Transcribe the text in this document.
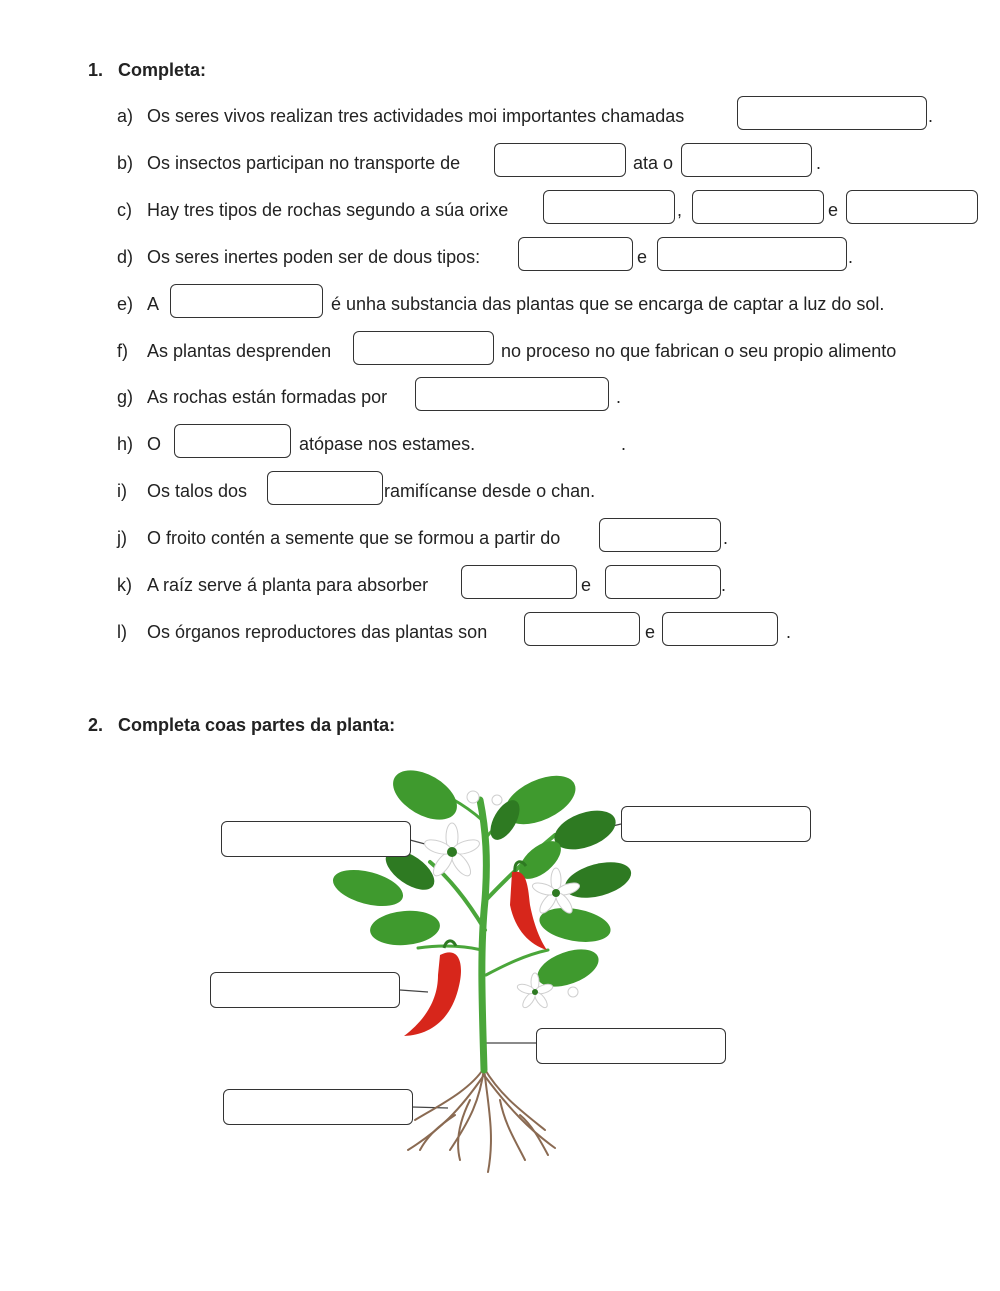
1. Completa:
a) Os seres vivos realizan tres actividades moi importantes chamadas	.
b) Os insectos participan no transporte de	ata o	.
c) Hay tres tipos de rochas segundo a súa orixe	,	e
d) Os seres inertes poden ser de dous tipos:	e	.
e) A	é unha substancia das plantas que se encarga de captar a luz do sol.
f) As plantas desprenden	no proceso no que fabrican o seu propio alimento
g) As rochas están formadas por	.
h) O	atópase nos estames.	.
i) Os talos dos	ramifícanse desde o chan.
j) O froito contén a semente que se formou a partir do	.
k) A raíz serve á planta para absorber	e	.
l) Os órganos reproductores das plantas son	e	.
2. Completa coas partes da planta:
